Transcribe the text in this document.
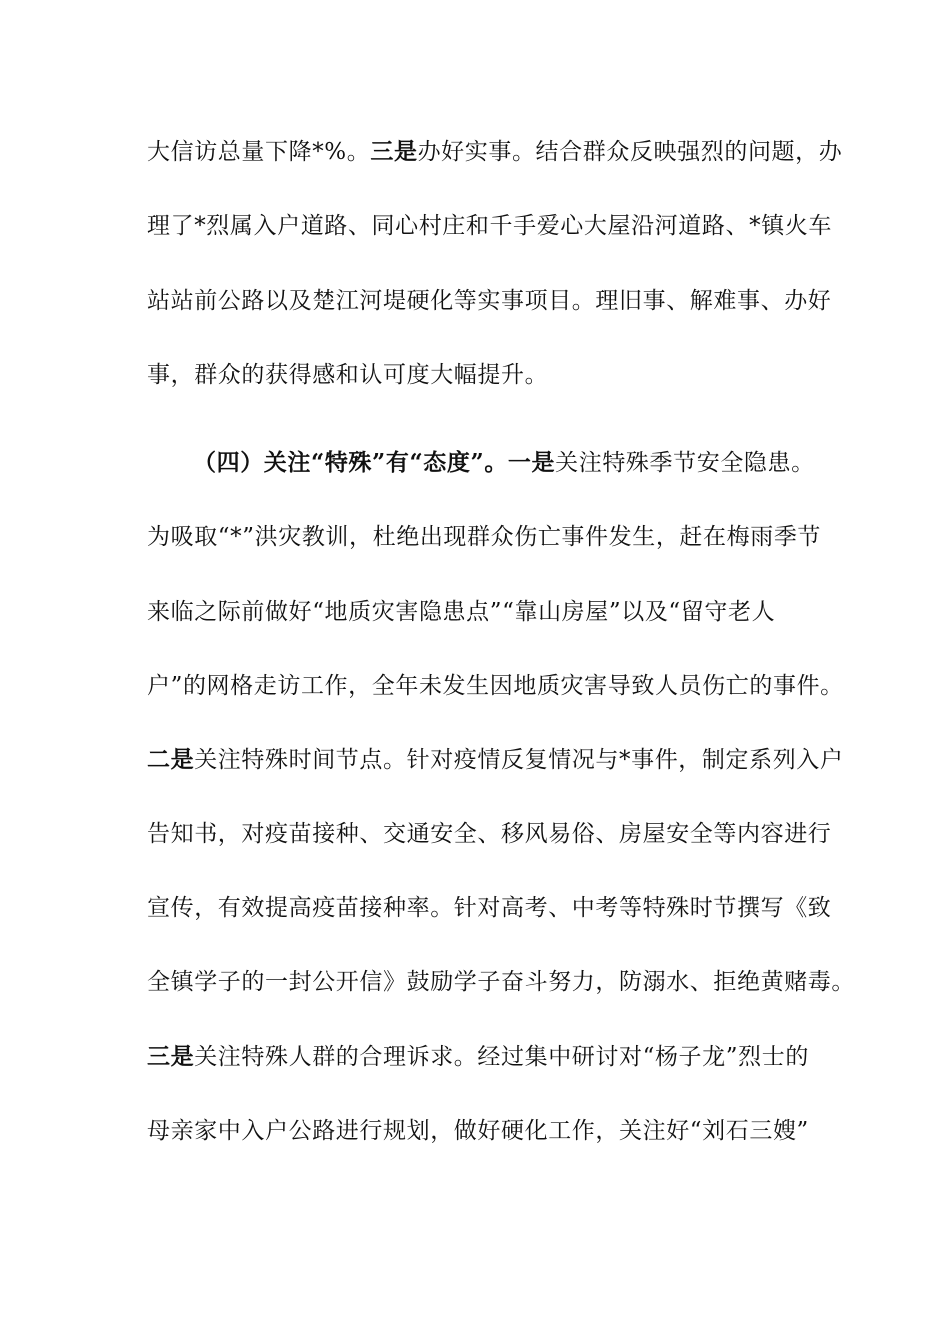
大信访总量下降*%。三是办好实事。结合群众反映强烈的问题，办
理了*烈属入户道路、同心村庄和千手爱心大屋沿河道路、*镇火车
站站前公路以及楚江河堤硬化等实事项目。理旧事、解难事、办好
事，群众的获得感和认可度大幅提升。
（四）关注“特殊”有“态度”。一是关注特殊季节安全隐患。
为吸取“*”洪灾教训，杜绝出现群众伤亡事件发生，赶在梅雨季节
来临之际前做好“地质灾害隐患点”“靠山房屋”以及“留守老人
户”的网格走访工作，全年未发生因地质灾害导致人员伤亡的事件。
二是关注特殊时间节点。针对疫情反复情况与*事件，制定系列入户
告知书，对疫苗接种、交通安全、移风易俗、房屋安全等内容进行
宣传，有效提高疫苗接种率。针对高考、中考等特殊时节撰写《致
全镇学子的一封公开信》鼓励学子奋斗努力，防溺水、拒绝黄赌毒。
三是关注特殊人群的合理诉求。经过集中研讨对“杨子龙”烈士的
母亲家中入户公路进行规划，做好硬化工作，关注好“刘石三嫂”
